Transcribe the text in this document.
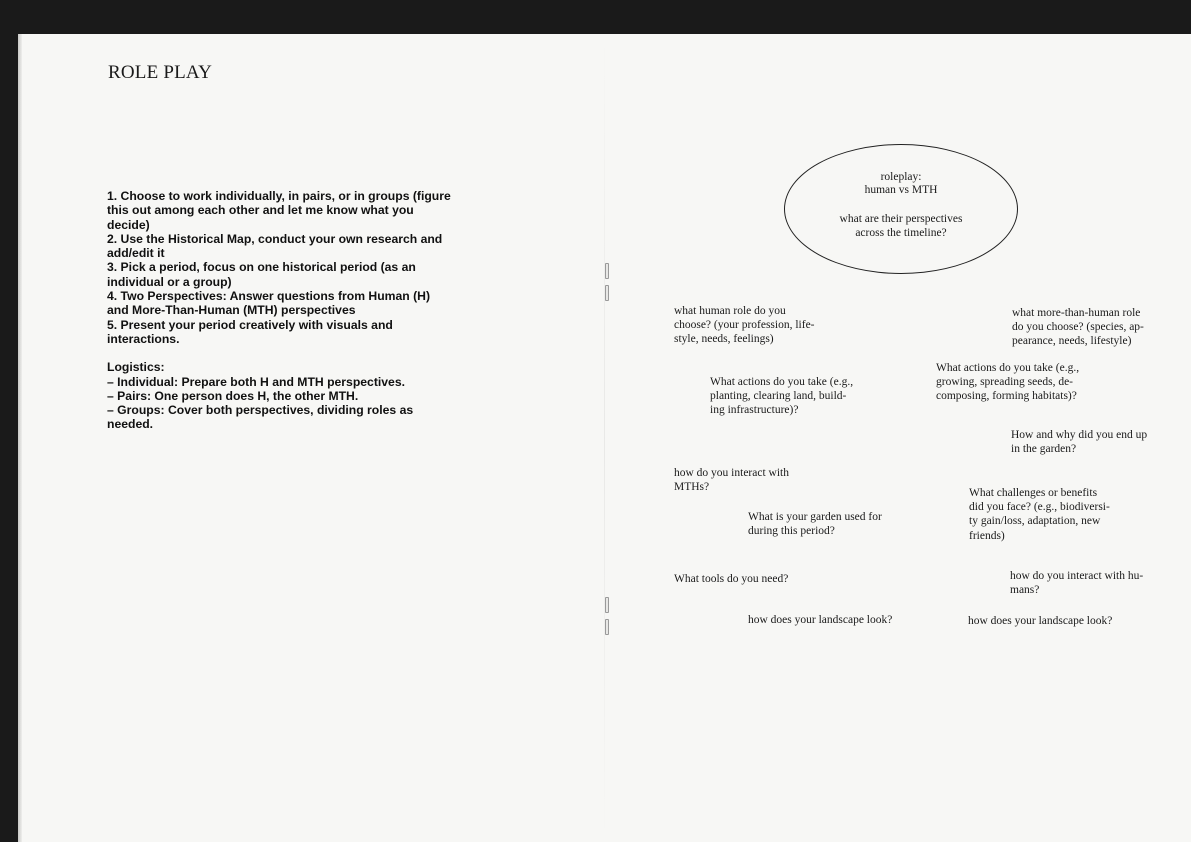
ROLE PLAY
1. Choose to work individually, in pairs, or in groups (figure
this out among each other and let me know what you
decide)
2. Use the Historical Map, conduct your own research and
add/edit it
3. Pick a period, focus on one historical period (as an
individual or a group)
4. Two Perspectives: Answer questions from Human (H)
and More-Than-Human (MTH) perspectives
5. Present your period creatively with visuals and
interactions.
Logistics:
– Individual: Prepare both H and MTH perspectives.
– Pairs: One person does H, the other MTH.
– Groups: Cover both perspectives, dividing roles as
needed.
roleplay:
human vs MTH
what are their perspectives
across the timeline?
what human role do you
choose? (your profession, life-
style, needs, feelings)
What actions do you take (e.g.,
planting, clearing land, build-
ing infrastructure)?
how do you interact with
MTHs?
What is your garden used for
during this period?
What tools do you need?
how does your landscape look?
what more-than-human role
do you choose? (species, ap-
pearance, needs, lifestyle)
What actions do you take (e.g.,
growing, spreading seeds, de-
composing, forming habitats)?
How and why did you end up
in the garden?
What challenges or benefits
did you face? (e.g., biodiversi-
ty gain/loss, adaptation, new
friends)
how do you interact with hu-
mans?
how does your landscape look?
